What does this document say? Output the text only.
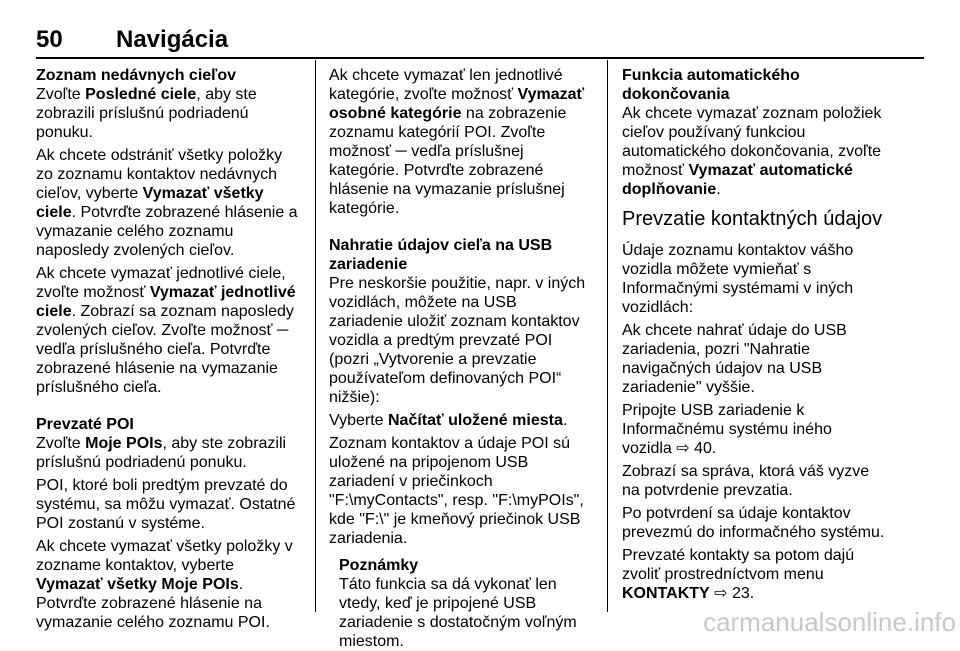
50 Navigácia
Zoznam nedávnych cieľov

Zvoľte Posledné ciele, aby ste zobrazili príslušnú podriadenú ponuku.

Ak chcete odstrániť všetky položky zo zoznamu kontaktov nedávnych cieľov, vyberte Vymazať všetky ciele. Potvrďte zobrazené hlásenie a vymazanie celého zoznamu naposledy zvolených cieľov.

Ak chcete vymazať jednotlivé ciele, zvoľte možnosť Vymazať jednotlivé ciele. Zobrazí sa zoznam naposledy zvolených cieľov. Zvoľte možnosť ─ vedľa príslušného cieľa. Potvrďte zobrazené hlásenie na vymazanie príslušného cieľa.

Prevzaté POI

Zvoľte Moje POIs, aby ste zobrazili príslušnú podriadenú ponuku.

POI, ktoré boli predtým prevzaté do systému, sa môžu vymazať. Ostatné POI zostanú v systéme.

Ak chcete vymazať všetky položky v zozname kontaktov, vyberte Vymazať všetky Moje POIs. Potvrďte zobrazené hlásenie na vymazanie celého zoznamu POI.

Ak chcete vymazať len jednotlivé kategórie, zvoľte možnosť Vymazať osobné kategórie na zobrazenie zoznamu kategórií POI. Zvoľte možnosť ─ vedľa príslušnej kategórie. Potvrďte zobrazené hlásenie na vymazanie príslušnej kategórie.

Nahratie údajov cieľa na USB zariadenie

Pre neskoršie použitie, napr. v iných vozidlách, môžete na USB zariadenie uložiť zoznam kontaktov vozidla a predtým prevzaté POI (pozri „Vytvorenie a prevzatie používateľom definovaných POI“ nižšie):

Vyberte Načítať uložené miesta.

Zoznam kontaktov a údaje POI sú uložené na pripojenom USB zariadení v priečinkoch "F:\myContacts", resp. "F:\myPOIs", kde "F:\" je kmeňový priečinok USB zariadenia.

Poznámky
Táto funkcia sa dá vykonať len vtedy, keď je pripojené USB zariadenie s dostatočným voľným miestom.
Funkcia automatického dokončovania

Ak chcete vymazať zoznam položiek cieľov používaný funkciou automatického dokončovania, zvoľte možnosť Vymazať automatické doplňovanie.

Prevzatie kontaktných údajov

Údaje zoznamu kontaktov vášho vozidla môžete vymieňať s Informačnými systémami v iných vozidlách:

Ak chcete nahrať údaje do USB zariadenia, pozri "Nahratie navigačných údajov na USB zariadenie" vyššie.

Pripojte USB zariadenie k Informačnému systému iného vozidla ⇨ 40.

Zobrazí sa správa, ktorá váš vyzve na potvrdenie prevzatia.

Po potvrdení sa údaje kontaktov prevezmú do informačného systému.

Prevzaté kontakty sa potom dajú zvoliť prostredníctvom menu KONTAKTY ⇨ 23.

carmanualsonline.info
